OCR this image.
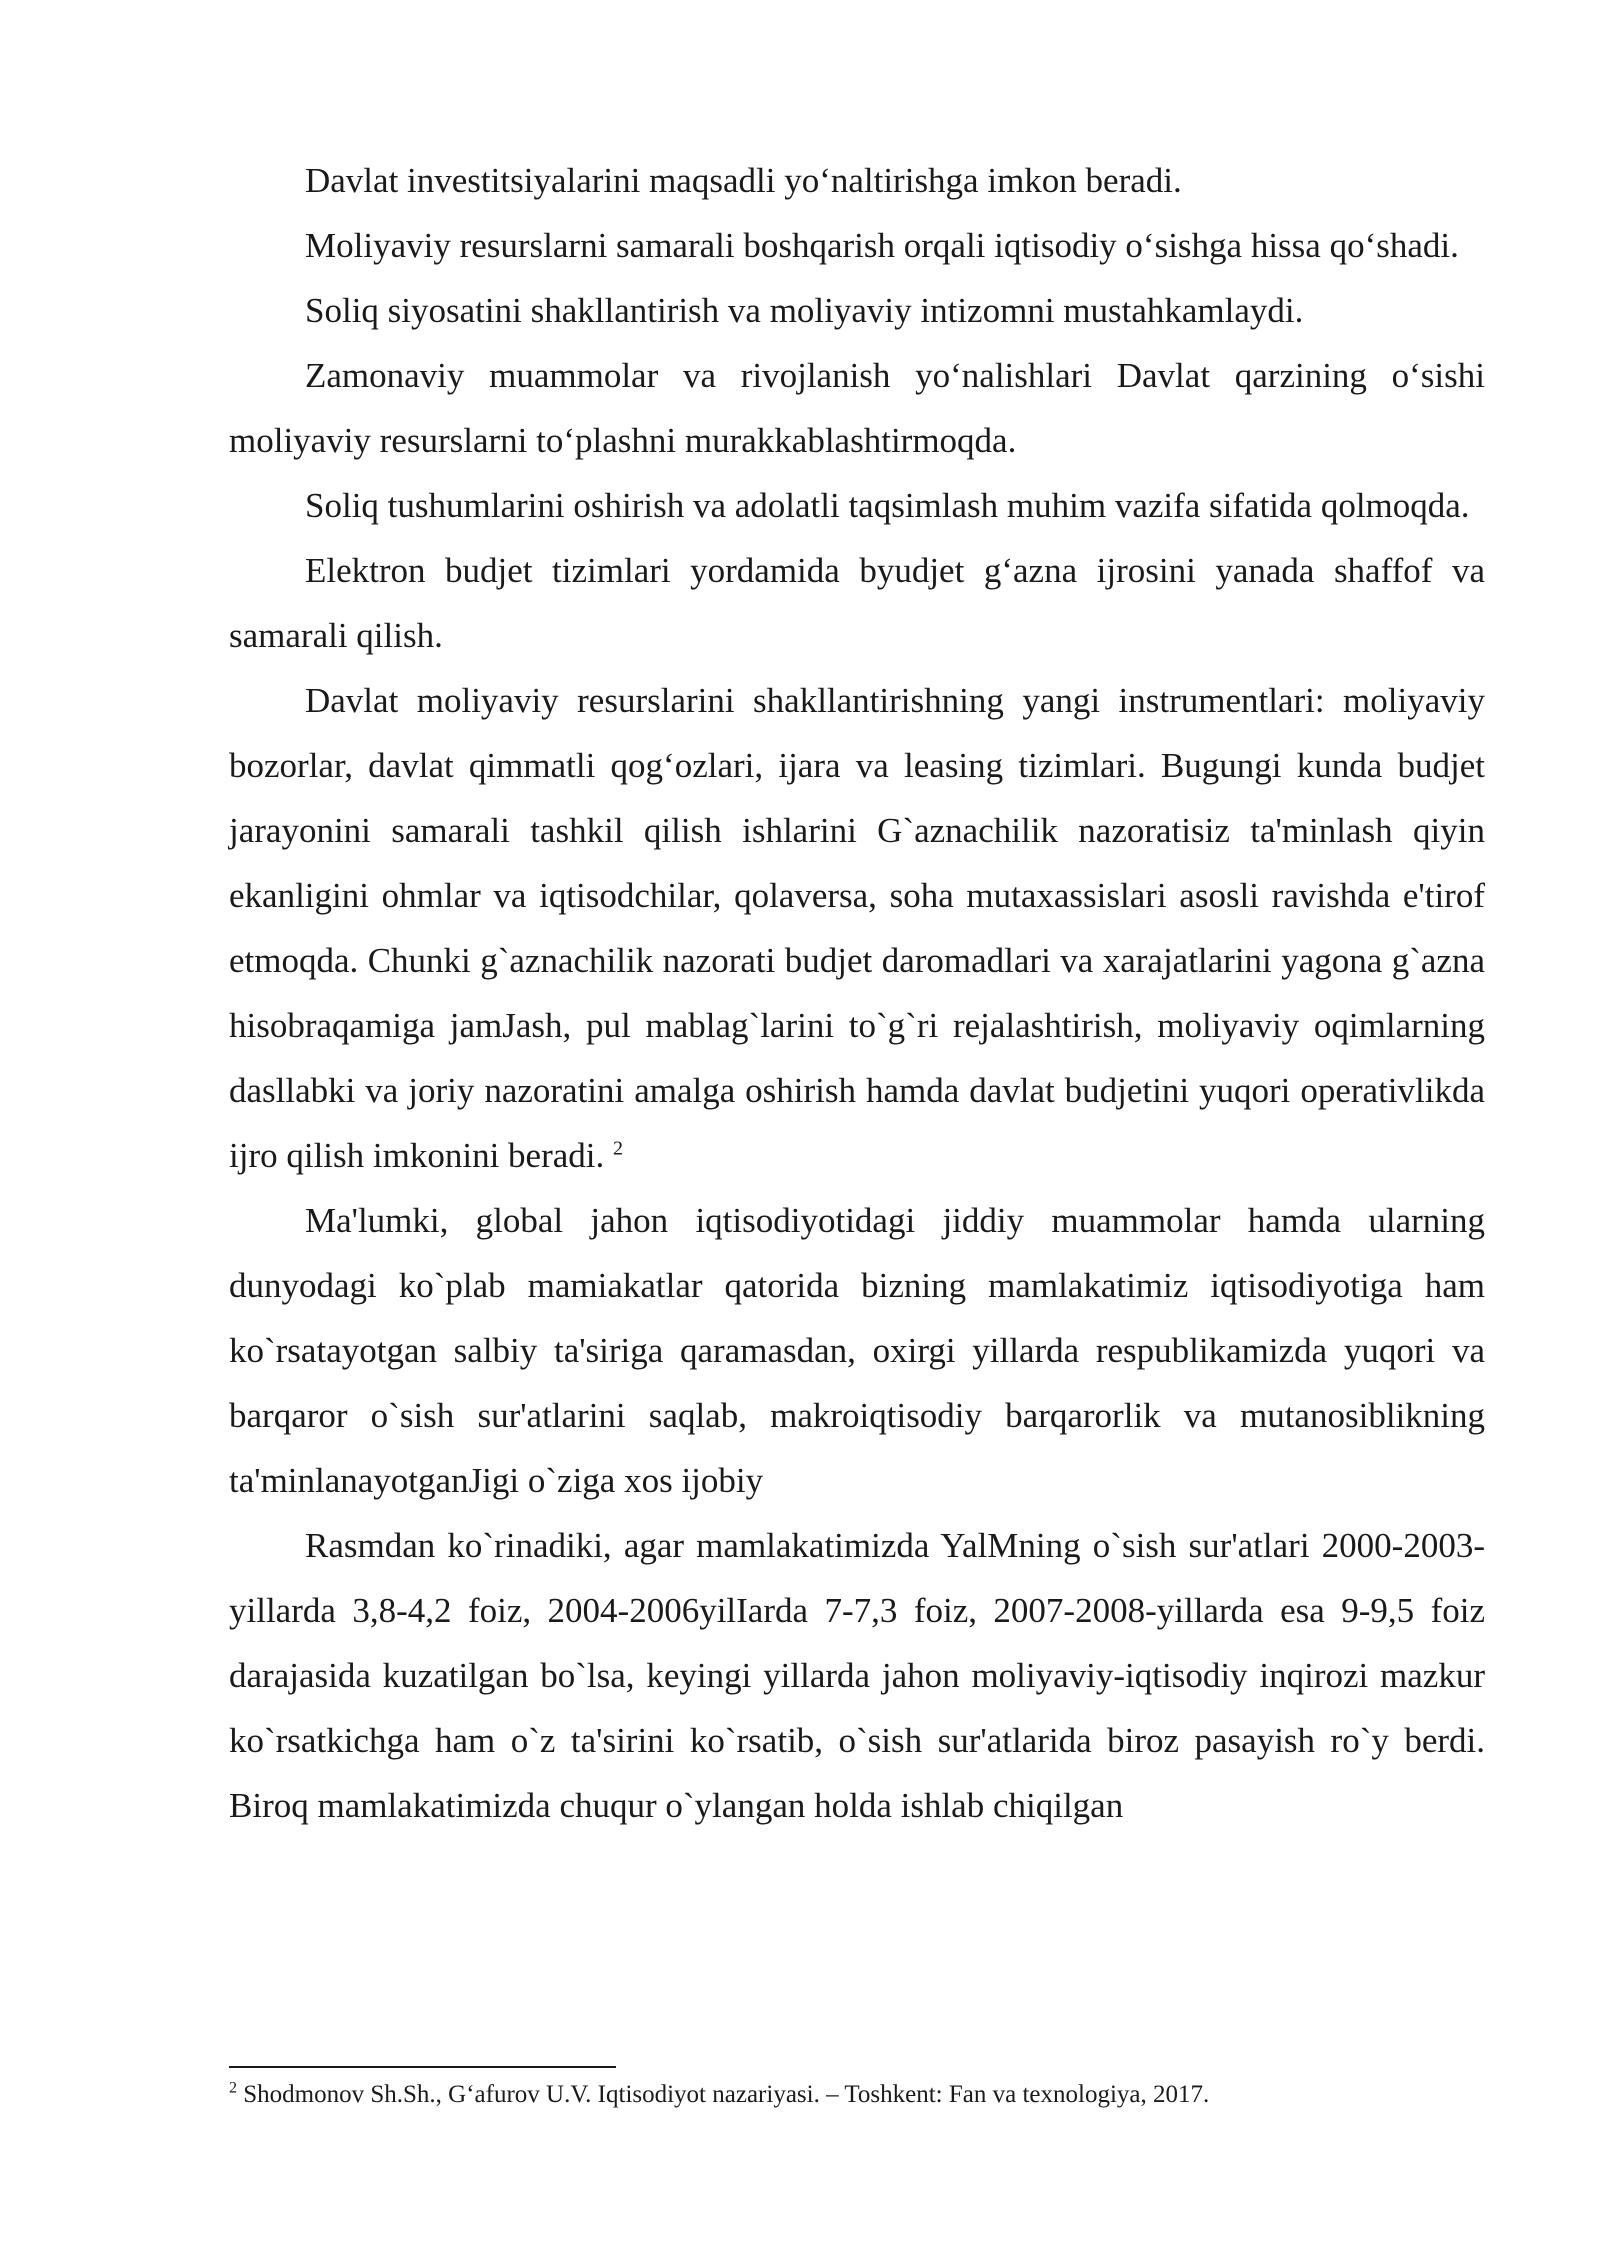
Davlat investitsiyalarini maqsadli yo‘naltirishga imkon beradi.

Moliyaviy resurslarni samarali boshqarish orqali iqtisodiy o‘sishga hissa qo‘shadi.

Soliq siyosatini shakllantirish va moliyaviy intizomni mustahkamlaydi.

Zamonaviy muammolar va rivojlanish yo‘nalishlari Davlat qarzining o‘sishi moliyaviy resurslarni to‘plashni murakkablashtirmoqda.

Soliq tushumlarini oshirish va adolatli taqsimlash muhim vazifa sifatida qolmoqda.

Elektron budjet tizimlari yordamida byudjet g‘azna ijrosini yanada shaffof va samarali qilish.

Davlat moliyaviy resurslarini shakllantirishning yangi instrumentlari: moliyaviy bozorlar, davlat qimmatli qog‘ozlari, ijara va leasing tizimlari. Bugungi kunda budjet jarayonini samarali tashkil qilish ishlarini G`aznachilik nazoratisiz ta'minlash qiyin ekanligini ohmlar va iqtisodchilar, qolaversa, soha mutaxassislari asosli ravishda e'tirof etmoqda. Chunki g`aznachilik nazorati budjet daromadlari va xarajatlarini yagona g`azna hisobraqamiga jamJash, pul mablag`larini to`g`ri rejalashtirish, moliyaviy oqimlarning dasllabki va joriy nazoratini amalga oshirish hamda davlat budjetini yuqori operativlikda ijro qilish imkonini beradi. $^2$

Ma'lumki, global jahon iqtisodiyotidagi jiddiy muammolar hamda ularning dunyodagi ko`plab mamiakatlar qatorida bizning mamlakatimiz iqtisodiyotiga ham ko`rsatayotgan salbiy ta'siriga qaramasdan, oxirgi yillarda respublikamizda yuqori va barqaror o`sish sur'atlarini saqlab, makroiqtisodiy barqarorlik va mutanosiblikning ta'minlanayotganJigi o`ziga xos ijobiy

Rasmdan ko`rinadiki, agar mamlakatimizda YalMning o`sish sur'atlari 2000-2003-yillarda 3,8-4,2 foiz, 2004-2006yilIarda 7-7,3 foiz, 2007-2008-yillarda esa 9-9,5 foiz darajasida kuzatilgan bo`lsa, keyingi yillarda jahon moliyaviy-iqtisodiy inqirozi mazkur ko`rsatkichga ham o`z ta'sirini ko`rsatib, o`sish sur'atlarida biroz pasayish ro`y berdi. Biroq mamlakatimizda chuqur o`ylangan holda ishlab chiqilgan

$^2$ Shodmonov Sh.Sh., G‘afurov U.V. Iqtisodiyot nazariyasi. – Toshkent: Fan va texnologiya, 2017.
